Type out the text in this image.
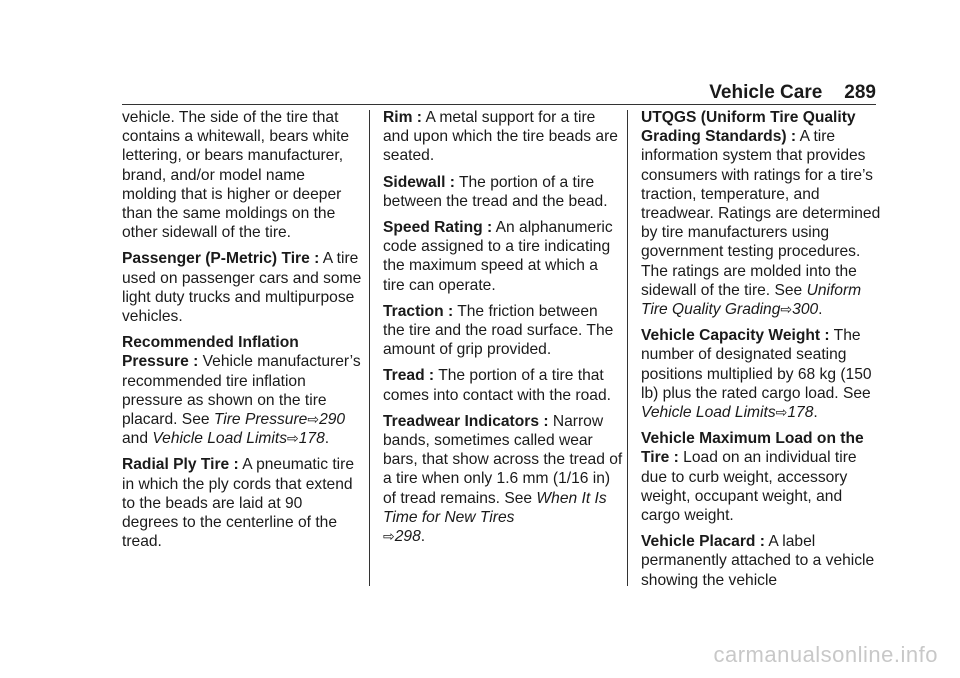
Vehicle Care 289

vehicle. The side of the tire that contains a whitewall, bears white lettering, or bears manufacturer, brand, and/or model name molding that is higher or deeper than the same moldings on the other sidewall of the tire.

Passenger (P-Metric) Tire : A tire used on passenger cars and some light duty trucks and multipurpose vehicles.

Recommended Inflation Pressure : Vehicle manufacturer’s recommended tire inflation pressure as shown on the tire placard. See Tire Pressure⇨290 and Vehicle Load Limits⇨178.

Radial Ply Tire : A pneumatic tire in which the ply cords that extend to the beads are laid at 90 degrees to the centerline of the tread.

Rim : A metal support for a tire and upon which the tire beads are seated.

Sidewall : The portion of a tire between the tread and the bead.

Speed Rating : An alphanumeric code assigned to a tire indicating the maximum speed at which a tire can operate.

Traction : The friction between the tire and the road surface. The amount of grip provided.

Tread : The portion of a tire that comes into contact with the road.

Treadwear Indicators : Narrow bands, sometimes called wear bars, that show across the tread of a tire when only 1.6 mm (1/16 in) of tread remains. See When It Is Time for New Tires
⇨298.

UTQGS (Uniform Tire Quality Grading Standards) : A tire information system that provides consumers with ratings for a tire’s traction, temperature, and treadwear. Ratings are determined by tire manufacturers using government testing procedures. The ratings are molded into the sidewall of the tire. See Uniform Tire Quality Grading⇨300.

Vehicle Capacity Weight : The number of designated seating positions multiplied by 68 kg (150 lb) plus the rated cargo load. See Vehicle Load Limits⇨178.

Vehicle Maximum Load on the Tire : Load on an individual tire due to curb weight, accessory weight, occupant weight, and cargo weight.

Vehicle Placard : A label permanently attached to a vehicle showing the vehicle

carmanualsonline.info
